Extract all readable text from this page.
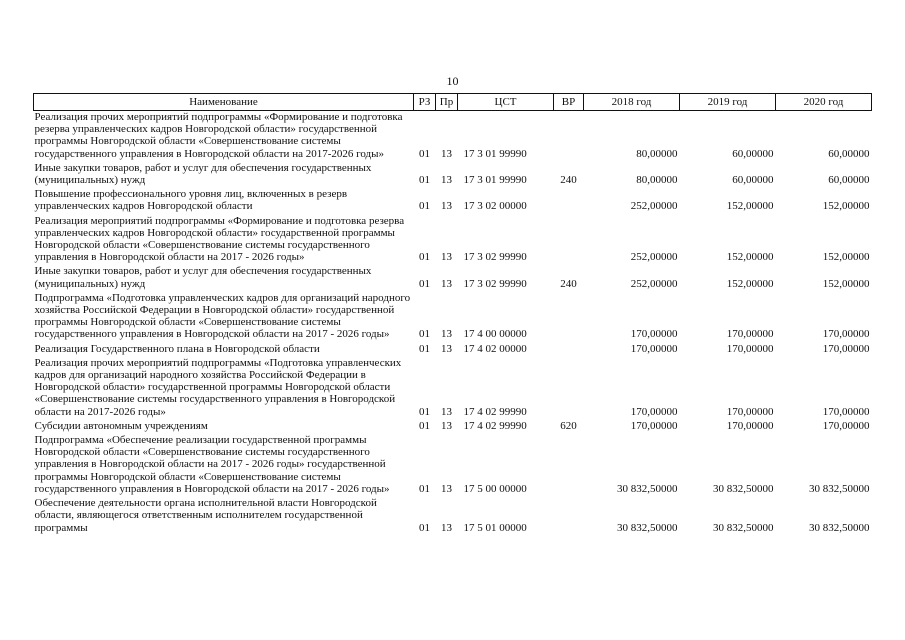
10
Наименование	РЗ	Пр	ЦСТ	ВР	2018 год	2019 год	2020 год
Реализация прочих мероприятий подпрограммы «Формирование и подготовка резерва управленческих кадров Новгородской области» государственной программы Новгородской области «Совершенствование системы государственного управления в Новгородской области на 2017-2026 годы»	01	13	17 3 01 99990		80,00000	60,00000	60,00000
Иные закупки товаров, работ и услуг для обеспечения государственных (муниципальных) нужд	01	13	17 3 01 99990	240	80,00000	60,00000	60,00000
Повышение профессионального уровня лиц, включенных в резерв управленческих кадров Новгородской области	01	13	17 3 02 00000		252,00000	152,00000	152,00000
Реализация мероприятий подпрограммы «Формирование и подготовка резерва управленческих кадров Новгородской области» государственной программы Новгородской области «Совершенствование системы государственного управления в Новгородской области на 2017 - 2026 годы»	01	13	17 3 02 99990		252,00000	152,00000	152,00000
Иные закупки товаров, работ и услуг для обеспечения государственных (муниципальных) нужд	01	13	17 3 02 99990	240	252,00000	152,00000	152,00000
Подпрограмма «Подготовка управленческих кадров для организаций народного хозяйства Российской Федерации в Новгородской области» государственной программы Новгородской области «Совершенствование системы государственного управления в Новгородской области на 2017 - 2026 годы»	01	13	17 4 00 00000		170,00000	170,00000	170,00000
Реализация Государственного плана в Новгородской области	01	13	17 4 02 00000		170,00000	170,00000	170,00000
Реализация прочих мероприятий подпрограммы «Подготовка управленческих кадров для организаций народного хозяйства Российской Федерации в Новгородской области» государственной программы Новгородской области «Совершенствование системы государственного управления в Новгородской области на 2017-2026 годы»	01	13	17 4 02 99990		170,00000	170,00000	170,00000
Субсидии автономным учреждениям	01	13	17 4 02 99990	620	170,00000	170,00000	170,00000
Подпрограмма «Обеспечение реализации государственной программы Новгородской области «Совершенствование системы государственного управления в Новгородской области на 2017 - 2026 годы» государственной программы Новгородской области «Совершенствование системы государственного управления в Новгородской области на 2017 - 2026 годы»	01	13	17 5 00 00000		30 832,50000	30 832,50000	30 832,50000
Обеспечение деятельности органа исполнительной власти Новгородской области, являющегося ответственным исполнителем государственной программы	01	13	17 5 01 00000		30 832,50000	30 832,50000	30 832,50000
